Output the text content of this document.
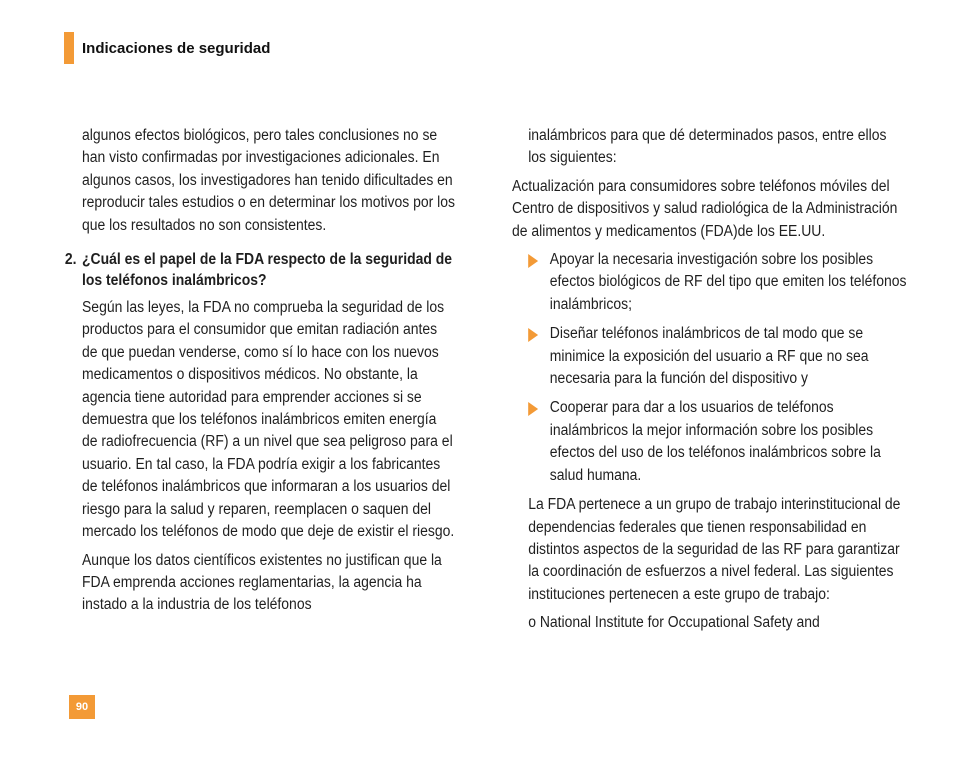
Indicaciones de seguridad

algunos efectos biológicos, pero tales conclusiones no se han visto confirmadas por investigaciones adicionales. En algunos casos, los investigadores han tenido dificultades en reproducir tales estudios o en determinar los motivos por los que los resultados no son consistentes.

2. ¿Cuál es el papel de la FDA respecto de la seguridad de los teléfonos inalámbricos?

Según las leyes, la FDA no comprueba la seguridad de los productos para el consumidor que emitan radiación antes de que puedan venderse, como sí lo hace con los nuevos medicamentos o dispositivos médicos. No obstante, la agencia tiene autoridad para emprender acciones si se demuestra que los teléfonos inalámbricos emiten energía de radiofrecuencia (RF) a un nivel que sea peligroso para el usuario. En tal caso, la FDA podría exigir a los fabricantes de teléfonos inalámbricos que informaran a los usuarios del riesgo para la salud y reparen, reemplacen o saquen del mercado los teléfonos de modo que deje de existir el riesgo.

Aunque los datos científicos existentes no justifican que la FDA emprenda acciones reglamentarias, la agencia ha instado a la industria de los teléfonos

inalámbricos para que dé determinados pasos, entre ellos los siguientes:

Actualización para consumidores sobre teléfonos móviles del Centro de dispositivos y salud radiológica de la Administración de alimentos y medicamentos (FDA)de los EE.UU.

Apoyar la necesaria investigación sobre los posibles efectos biológicos de RF del tipo que emiten los teléfonos inalámbricos;
Diseñar teléfonos inalámbricos de tal modo que se minimice la exposición del usuario a RF que no sea necesaria para la función del dispositivo y
Cooperar para dar a los usuarios de teléfonos inalámbricos la mejor información sobre los posibles efectos del uso de los teléfonos inalámbricos sobre la salud humana.

La FDA pertenece a un grupo de trabajo interinstitucional de dependencias federales que tienen responsabilidad en distintos aspectos de la seguridad de las RF para garantizar la coordinación de esfuerzos a nivel federal. Las siguientes instituciones pertenecen a este grupo de trabajo:

o National Institute for Occupational Safety and

90
